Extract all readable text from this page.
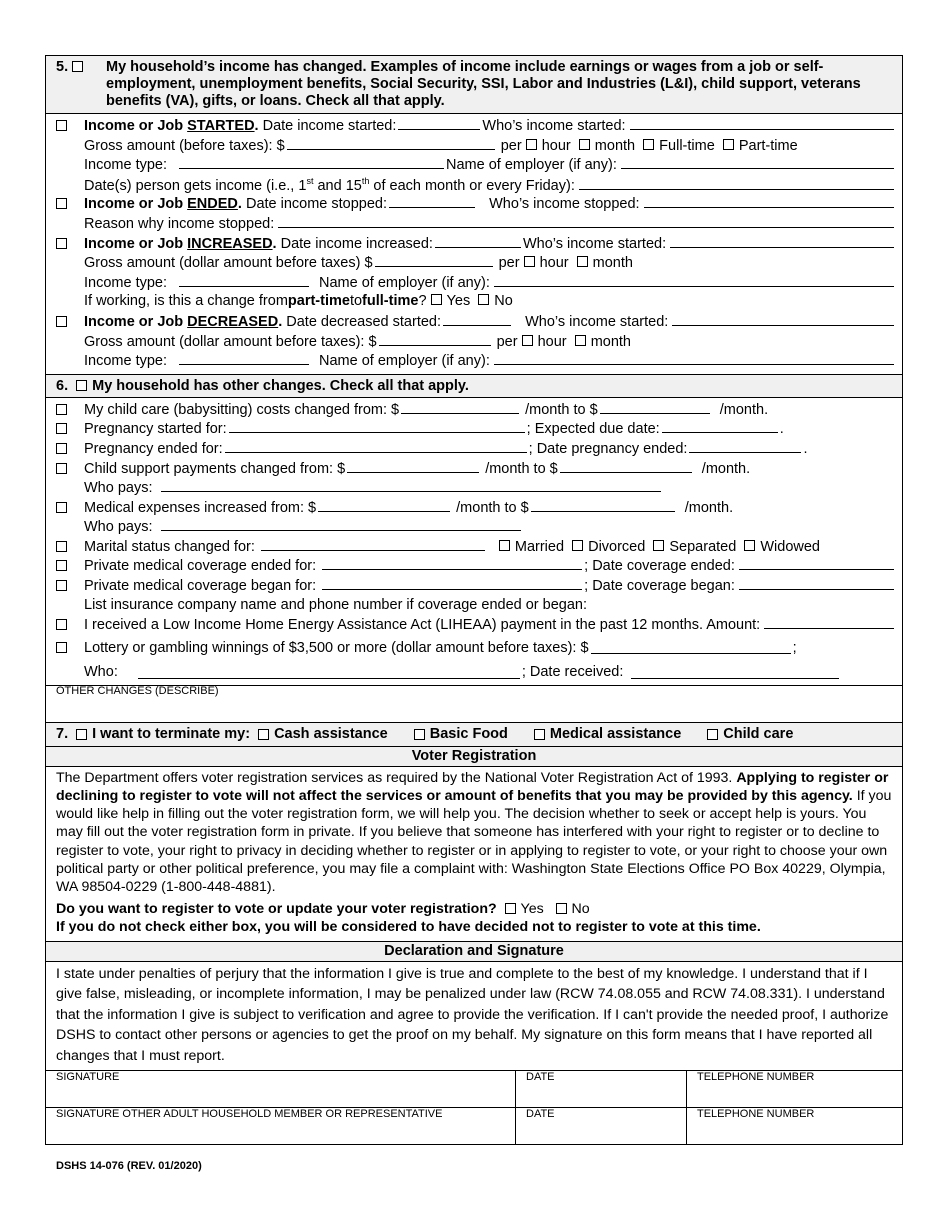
5.	My household’s income has changed. Examples of income include earnings or wages from a job or self-employment, unemployment benefits, Social Security, SSI, Labor and Industries (L&I), child support, veterans benefits (VA), gifts, or loans. Check all that apply.
Income or Job STARTED.
Date income started:	Who’s income started:
Gross amount (before taxes): $
	per
hour
month
Full-time
Part-time
Income type:	Name of employer (if any):
Date(s) person gets income (i.e., 1st and 15th of each month or every Friday):
Income or Job ENDED.
Date income stopped:
	Who’s income stopped:
Reason why income stopped:
Income or Job INCREASED.
Date income increased:	Who’s income started:
Gross amount (dollar amount before taxes) $
	per
hour
month
Income type:	Name of employer (if any):
If working, is this a change from part-time to full-time ?
Yes
No
Income or Job DECREASED.
Date decreased started:
	Who’s income started:
Gross amount (dollar amount before taxes): $
	per
hour
month
Income type:	Name of employer (if any):
6.
My household has other changes. Check all that apply.
My child care (babysitting) costs changed from: $
	/month to $
	/month.
Pregnancy started for:	; Expected due date:	.
Pregnancy ended for:	; Date pregnancy ended:	.
Child support payments changed from: $
	/month to $
	/month.
Who pays:
Medical expenses increased from: $
	/month to $
	/month.
Who pays:
Marital status changed for:	Married
Divorced
Separated
Widowed
Private medical coverage ended for:	; Date coverage ended:
Private medical coverage began for:	; Date coverage began:
List insurance company name and phone number if coverage ended or began:
I received a Low Income Home Energy Assistance Act (LIHEAA) payment in the past 12 months. Amount:
Lottery or gambling winnings of $3,500 or more (dollar amount before taxes): $	;
Who:	; Date received:
OTHER CHANGES (DESCRIBE)
7.
I want to terminate my:
Cash assistance	Basic Food	Medical assistance	Child care
Voter Registration
The Department offers voter registration services as required by the National Voter Registration Act of 1993. Applying to register or declining to register to vote will not affect the services or amount of benefits that you may be provided by this agency. If you would like help in filling out the voter registration form, we will help you. The decision whether to seek or accept help is yours. You may fill out the voter registration form in private. If you believe that someone has interfered with your right to register or to decline to register to vote, your right to privacy in deciding whether to register or in applying to register to vote, or your right to choose your own political party or other political preference, you may file a complaint with: Washington State Elections Office PO Box 40229, Olympia, WA 98504-0229 (1-800-448-4881).
Do you want to register to vote or update your voter registration? Yes No
If you do not check either box, you will be considered to have decided not to register to vote at this time.
Declaration and Signature
I state under penalties of perjury that the information I give is true and complete to the best of my knowledge. I understand that if I give false, misleading, or incomplete information, I may be penalized under law (RCW 74.08.055 and RCW 74.08.331). I understand that the information I give is subject to verification and agree to provide the verification. If I can't provide the needed proof, I authorize DSHS to contact other persons or agencies to get the proof on my behalf. My signature on this form means that I have reported all changes that I must report.
SIGNATURE	DATE	TELEPHONE NUMBER
SIGNATURE OTHER ADULT HOUSEHOLD MEMBER OR REPRESENTATIVE	DATE	TELEPHONE NUMBER
DSHS 14-076 (REV. 01/2020)
